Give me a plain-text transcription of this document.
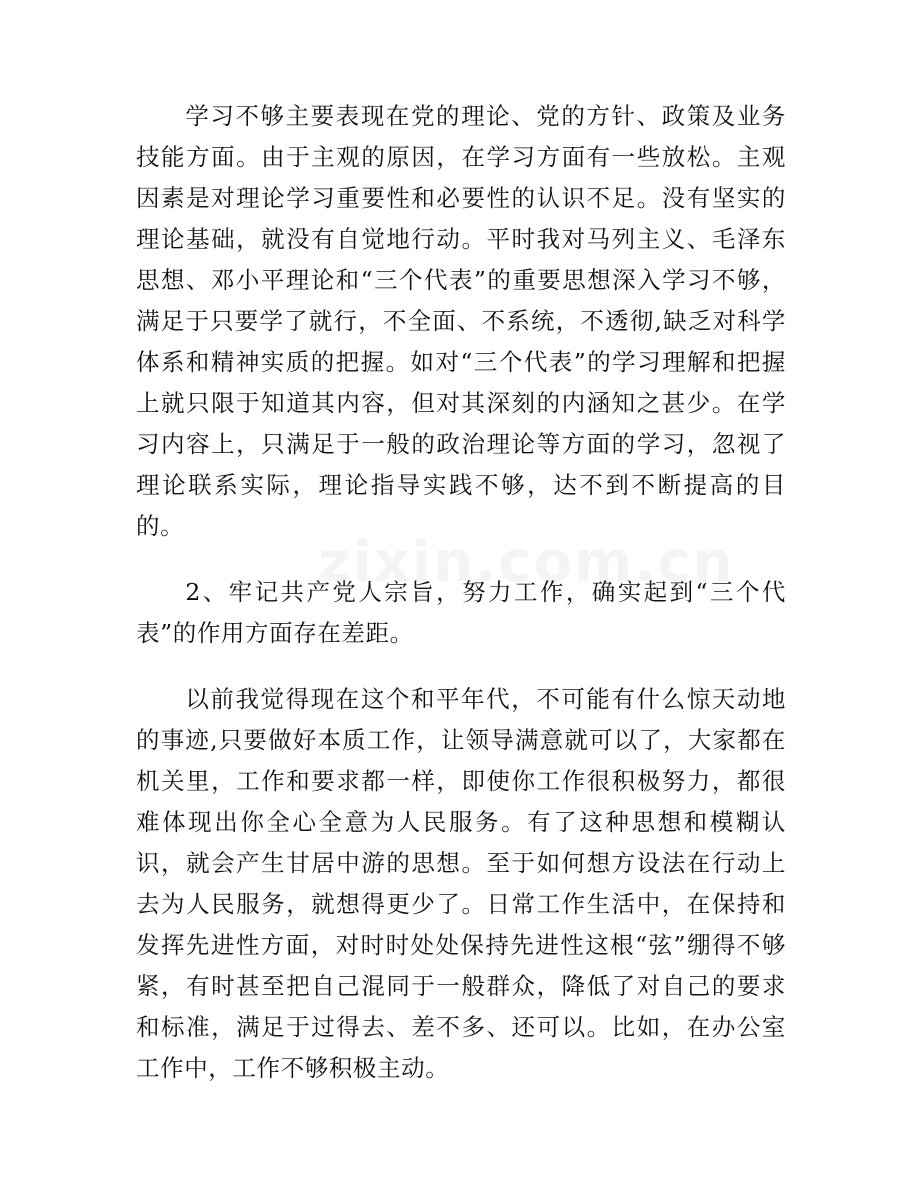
学习不够主要表现在党的理论、党的方针、政策及业务技能方面。由于主观的原因，在学习方面有一些放松。主观因素是对理论学习重要性和必要性的认识不足。没有坚实的理论基础，就没有自觉地行动。平时我对马列主义、毛泽东思想、邓小平理论和“三个代表”的重要思想深入学习不够，满足于只要学了就行，不全面、不系统，不透彻,缺乏对科学体系和精神实质的把握。如对“三个代表”的学习理解和把握上就只限于知道其内容，但对其深刻的内涵知之甚少。在学习内容上，只满足于一般的政治理论等方面的学习，忽视了理论联系实际，理论指导实践不够，达不到不断提高的目的。

2、牢记共产党人宗旨，努力工作，确实起到“三个代表”的作用方面存在差距。

以前我觉得现在这个和平年代，不可能有什么惊天动地的事迹,只要做好本质工作，让领导满意就可以了，大家都在机关里，工作和要求都一样，即使你工作很积极努力，都很难体现出你全心全意为人民服务。有了这种思想和模糊认识，就会产生甘居中游的思想。至于如何想方设法在行动上去为人民服务，就想得更少了。日常工作生活中，在保持和发挥先进性方面，对时时处处保持先进性这根“弦”绷得不够紧，有时甚至把自己混同于一般群众，降低了对自己的要求和标准，满足于过得去、差不多、还可以。比如，在办公室工作中，工作不够积极主动。
